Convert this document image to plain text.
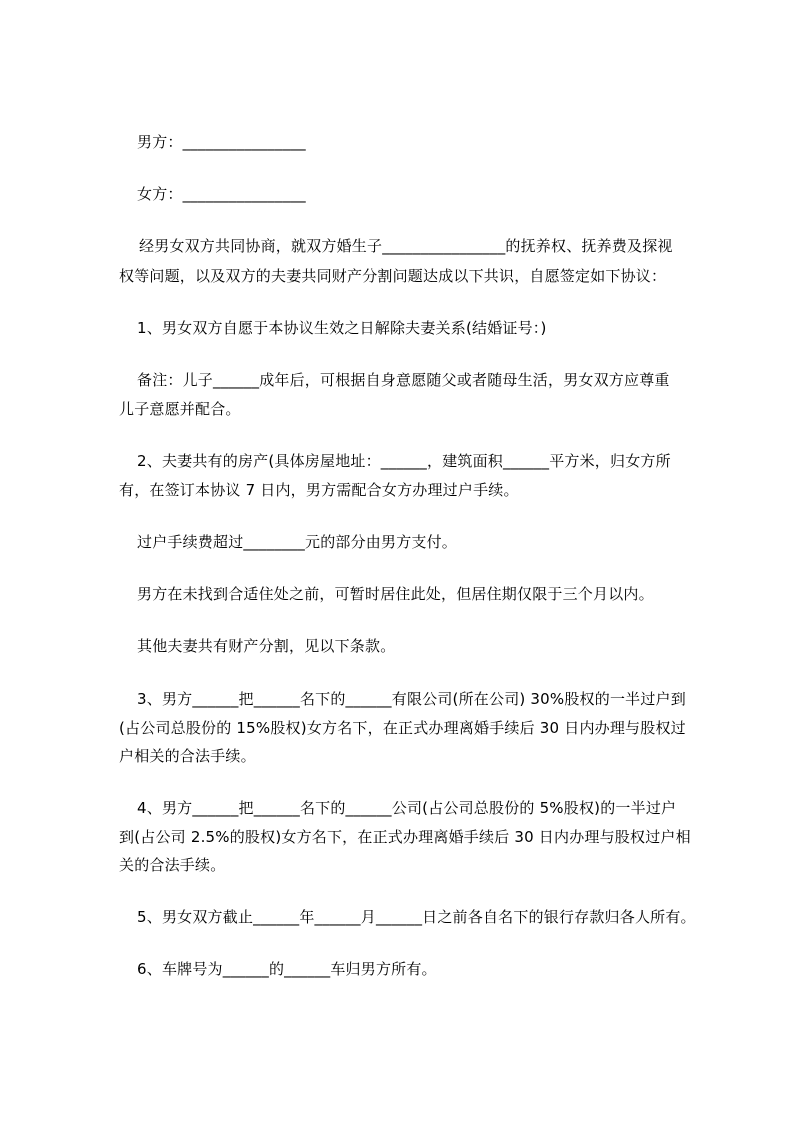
男方：________________
女方：________________
经男女双方共同协商，就双方婚生子________________的抚养权、抚养费及探视
权等问题，以及双方的夫妻共同财产分割问题达成以下共识，自愿签定如下协议：
1、男女双方自愿于本协议生效之日解除夫妻关系(结婚证号：)
备注：儿子______成年后，可根据自身意愿随父或者随母生活，男女双方应尊重
儿子意愿并配合。
2、夫妻共有的房产(具体房屋地址：______，建筑面积______平方米，归女方所
有，在签订本协议 7 日内，男方需配合女方办理过户手续。
过户手续费超过________元的部分由男方支付。
男方在未找到合适住处之前，可暂时居住此处，但居住期仅限于三个月以内。
其他夫妻共有财产分割，见以下条款。
3、男方______把______名下的______有限公司(所在公司) 30%股权的一半过户到
(占公司总股份的 15%股权)女方名下，在正式办理离婚手续后 30 日内办理与股权过
户相关的合法手续。
4、男方______把______名下的______公司(占公司总股份的 5%股权)的一半过户
到(占公司 2.5%的股权)女方名下，在正式办理离婚手续后 30 日内办理与股权过户相
关的合法手续。
5、男女双方截止______年______月______日之前各自名下的银行存款归各人所有。
6、车牌号为______的______车归男方所有。
